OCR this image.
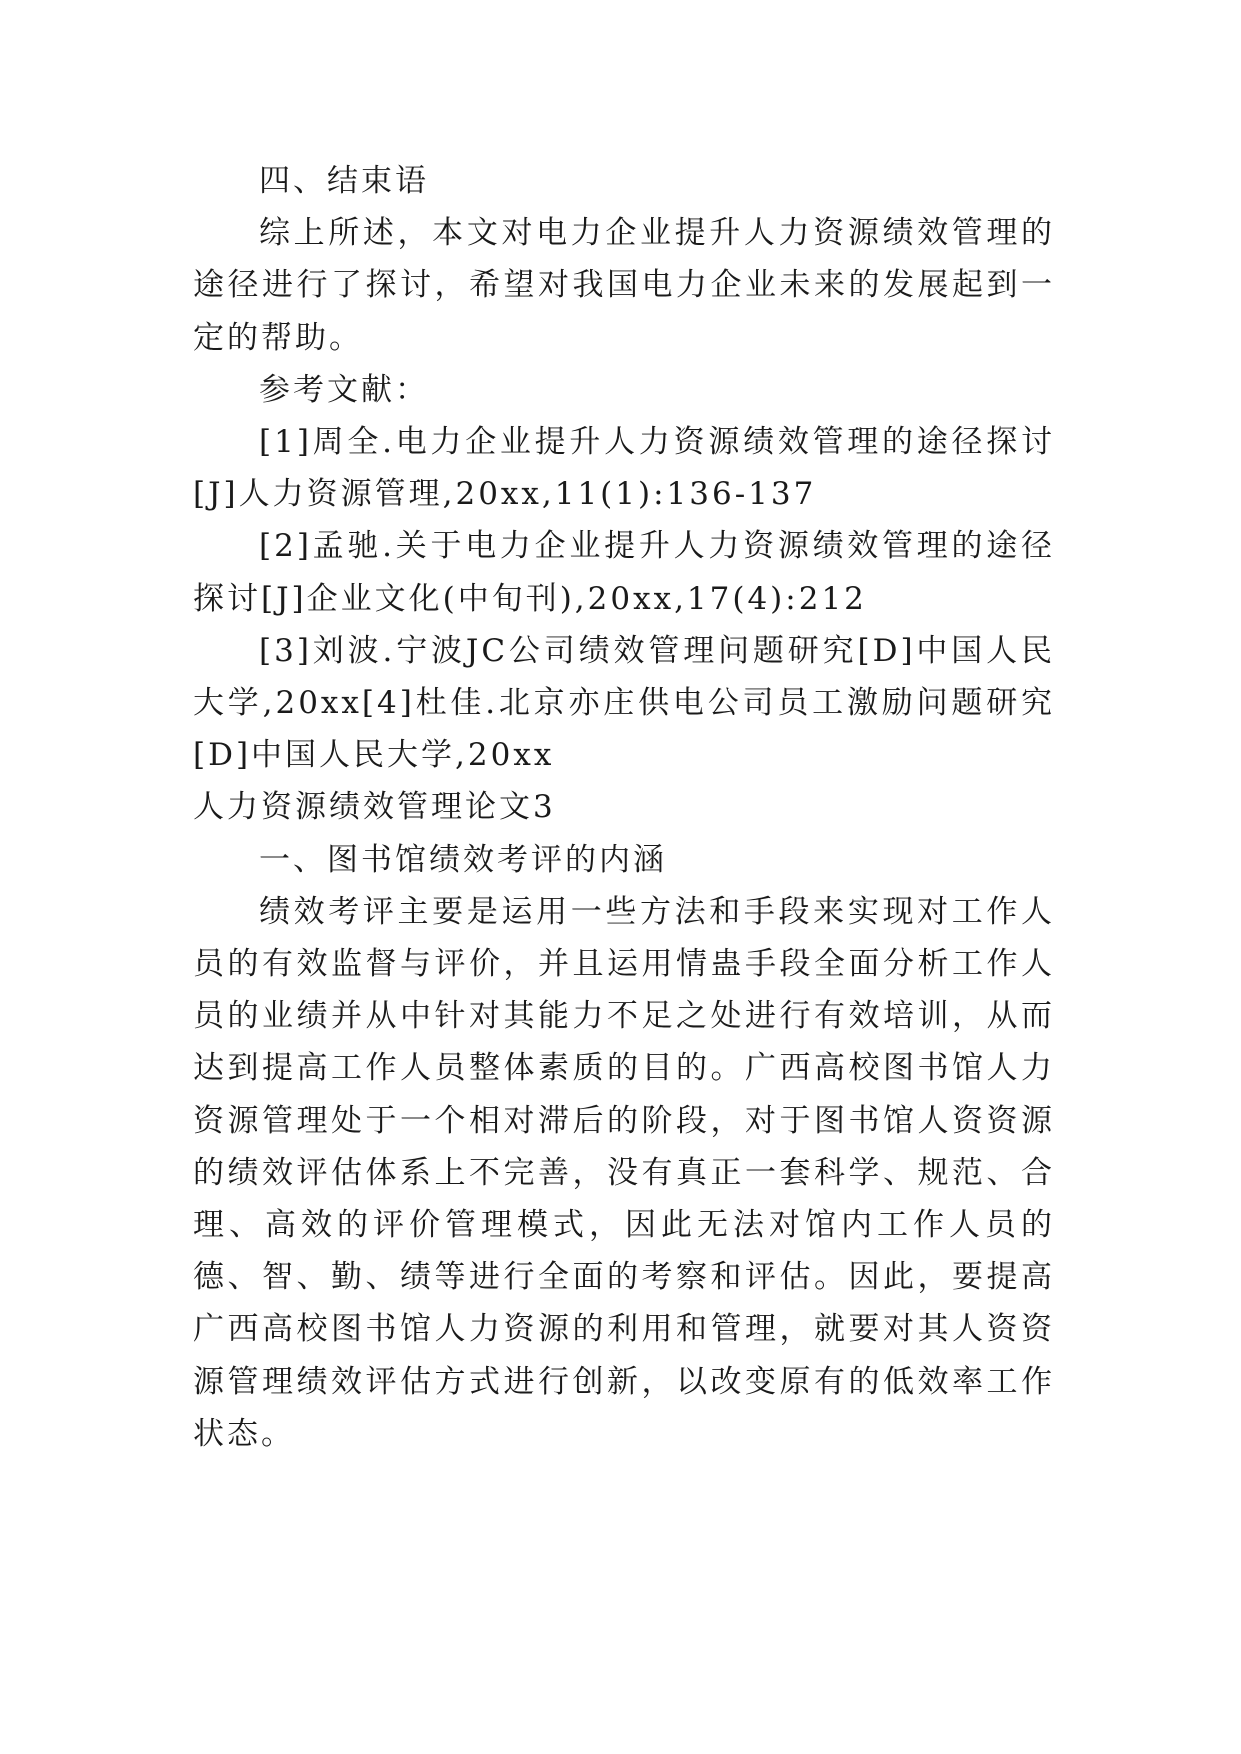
四、结束语

综上所述，本文对电力企业提升人力资源绩效管理的途径进行了探讨，希望对我国电力企业未来的发展起到一定的帮助。

参考文献：

[1]周全.电力企业提升人力资源绩效管理的途径探讨[J]人力资源管理,20xx,11(1):136-137

[2]孟驰.关于电力企业提升人力资源绩效管理的途径探讨[J]企业文化(中旬刊),20xx,17(4):212

[3]刘波.宁波JC公司绩效管理问题研究[D]中国人民大学,20xx[4]杜佳.北京亦庄供电公司员工激励问题研究[D]中国人民大学,20xx

人力资源绩效管理论文3

一、图书馆绩效考评的内涵

绩效考评主要是运用一些方法和手段来实现对工作人员的有效监督与评价，并且运用情蛊手段全面分析工作人员的业绩并从中针对其能力不足之处进行有效培训，从而达到提高工作人员整体素质的目的。广西高校图书馆人力资源管理处于一个相对滞后的阶段，对于图书馆人资资源的绩效评估体系上不完善，没有真正一套科学、规范、合理、高效的评价管理模式，因此无法对馆内工作人员的德、智、勤、绩等进行全面的考察和评估。因此，要提高广西高校图书馆人力资源的利用和管理，就要对其人资资源管理绩效评估方式进行创新，以改变原有的低效率工作状态。
